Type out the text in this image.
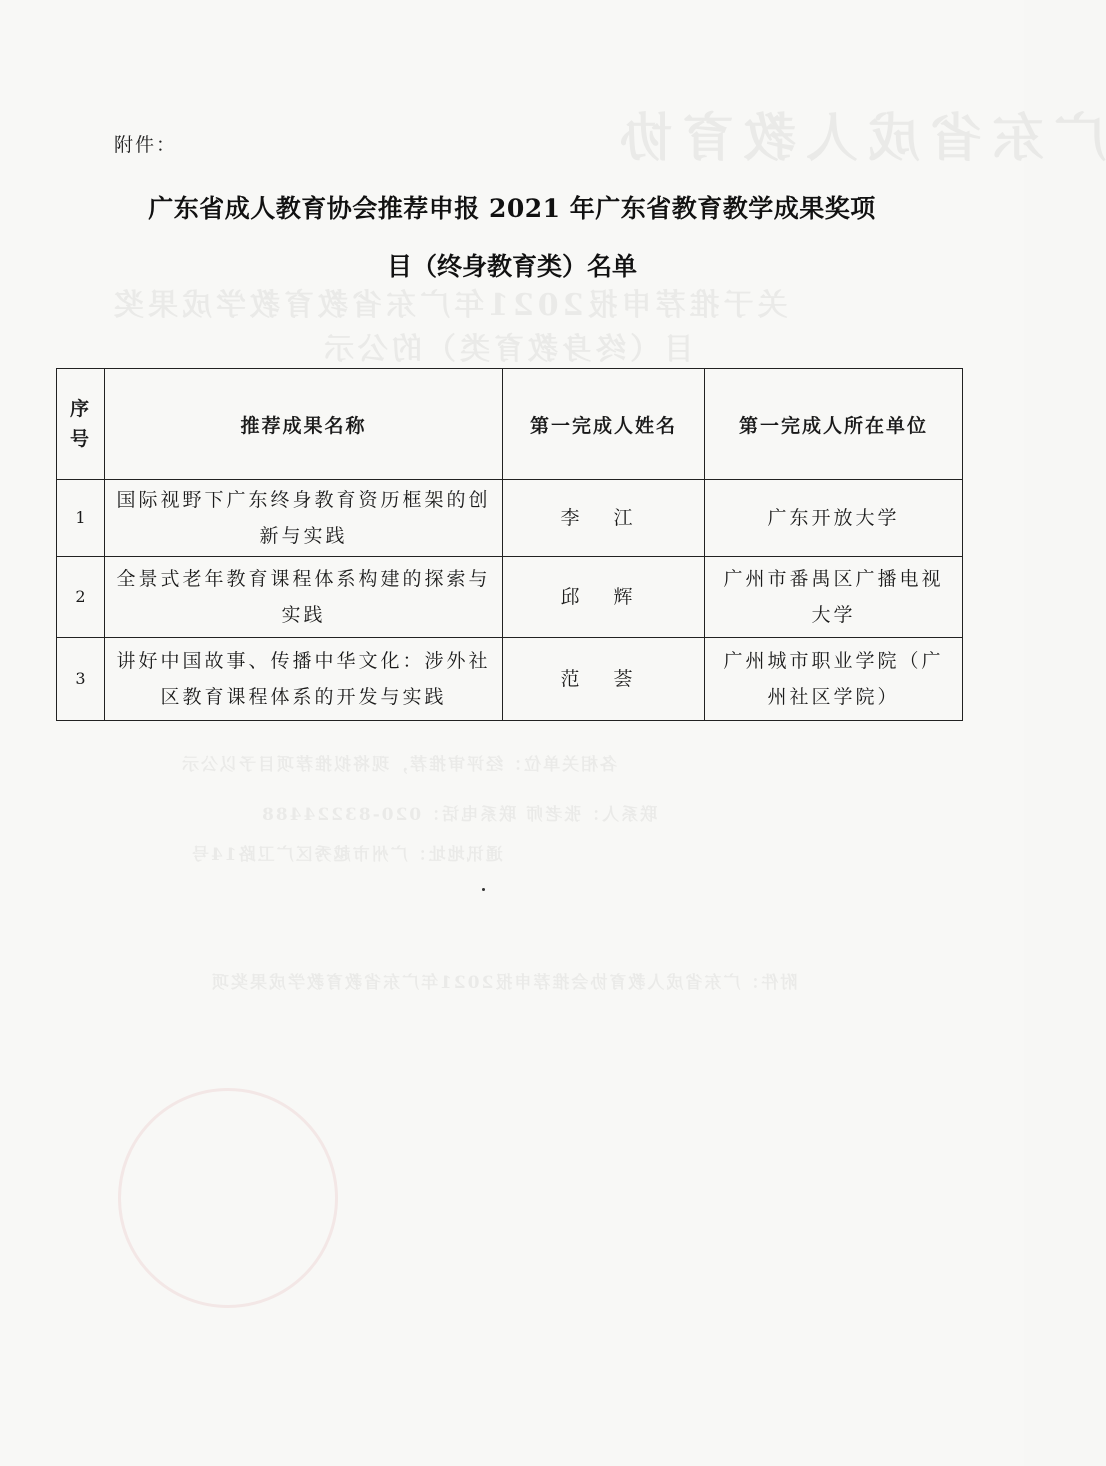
广东省成人教育协
关于推荐申报2021年广东省教育教学成果奖
目（终身教育类）的公示
各相关单位：经评审推荐，现将拟推荐项目予以公示
联系人：张老师 联系电话：020-83224488
通讯地址：广州市越秀区广卫路14号
附件：广东省成人教育协会推荐申报2021年广东省教育教学成果奖项
附件：
广东省成人教育协会推荐申报 2021 年广东省教育教学成果奖项
目（终身教育类）名单
序号	推荐成果名称	第一完成人姓名	第一完成人所在单位
1	国际视野下广东终身教育资历框架的创新与实践	李 江	广东开放大学
2	全景式老年教育课程体系构建的探索与实践	邱 辉	广州市番禺区广播电视大学
3	讲好中国故事、传播中华文化：涉外社区教育课程体系的开发与实践	范 荟	广州城市职业学院（广州社区学院）
